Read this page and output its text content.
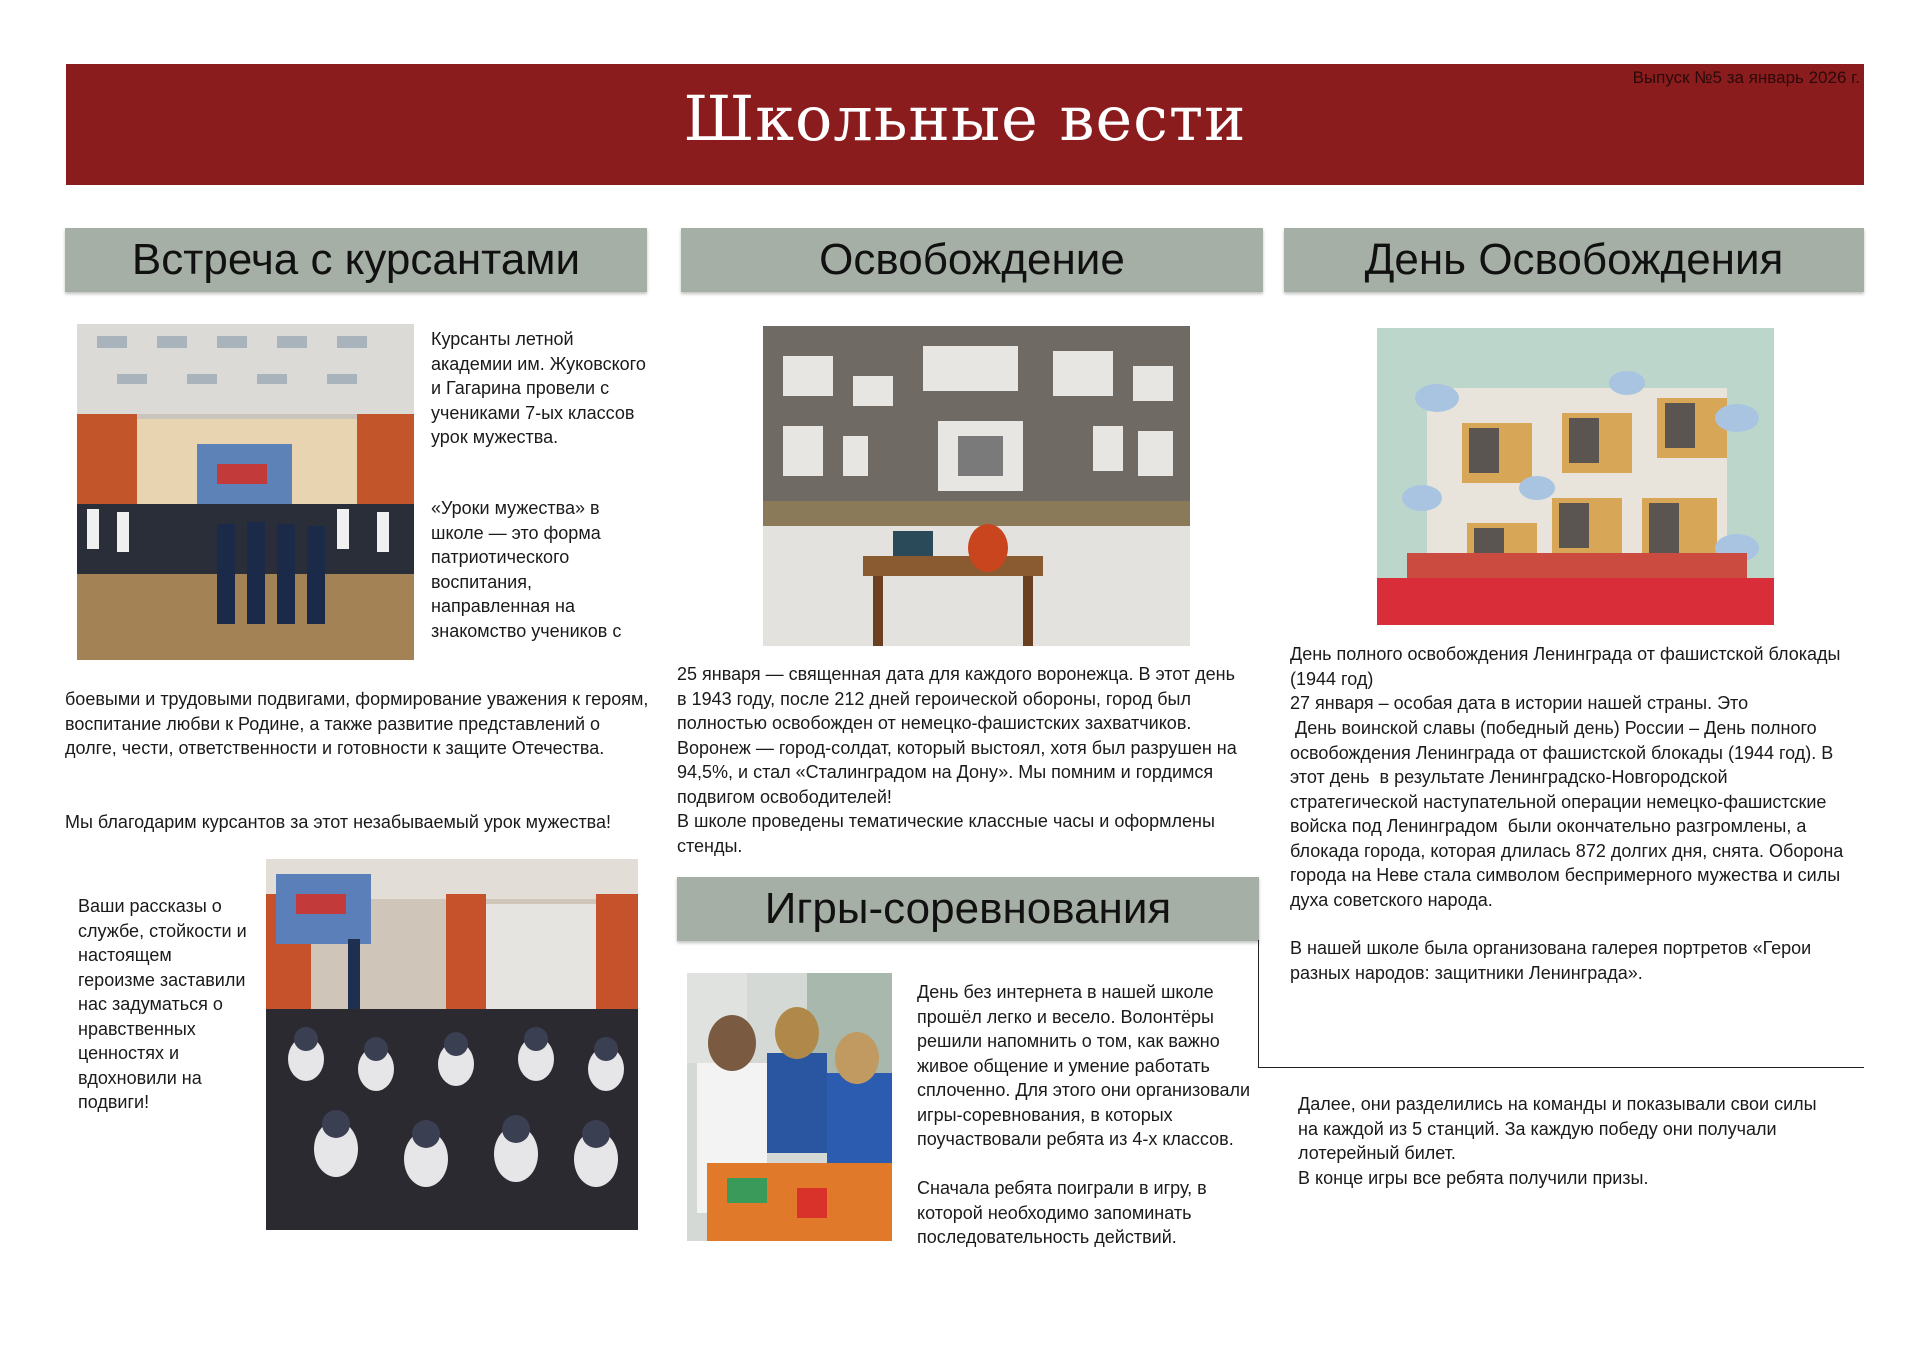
Школьные вести
Выпуск №5 за январь 2026 г.
Встреча с курсантами
Курсанты летной академии им. Жуковского и Гагарина провели с учениками 7-ых классов урок мужества.
«Уроки мужества» в школе — это форма патриотического воспитания, направленная на знакомство учеников с
боевыми и трудовыми подвигами, формирование уважения к героям, воспитание любви к Родине, а также развитие представлений о долге, чести, ответственности и готовности к защите Отечества.
Мы благодарим курсантов за этот незабываемый урок мужества!
Ваши рассказы о службе, стойкости и настоящем героизме заставили нас задуматься о нравственных ценностях и вдохновили на подвиги!
Освобождение
25 января — священная дата для каждого воронежца. В этот день в 1943 году, после 212 дней героической обороны, город был полностью освобожден от немецко-фашистских захватчиков. Воронеж — город-солдат, который выстоял, хотя был разрушен на 94,5%, и стал «Сталинградом на Дону». Мы помним и гордимся подвигом освободителей!
В школе проведены тематические классные часы и оформлены стенды.
Игры-соревнования
День без интернета в нашей школе прошёл легко и весело. Волонтёры решили напомнить о том, как важно живое общение и умение работать сплоченно. Для этого они организовали игры-соревнования, в которых поучаствовали ребята из 4-х классов.
Сначала ребята поиграли в игру, в которой необходимо запоминать последовательность действий.
День Освобождения
День полного освобождения Ленинграда от фашистской блокады (1944 год)
27 января – особая дата в истории нашей страны. Это
День воинской славы (победный день) России – День полного освобождения Ленинграда от фашистской блокады (1944 год). В этот день  в результате Ленинградско-Новгородской стратегической наступательной операции немецко-фашистские войска под Ленинградом  были окончательно разгромлены, а блокада города, которая длилась 872 долгих дня, снята. Оборона города на Неве стала символом беспримерного мужества и силы духа советского народа.
В нашей школе была организована галерея портретов «Герои разных народов: защитники Ленинграда».
Далее, они разделились на команды и показывали свои силы на каждой из 5 станций. За каждую победу они получали лотерейный билет.
В конце игры все ребята получили призы.
